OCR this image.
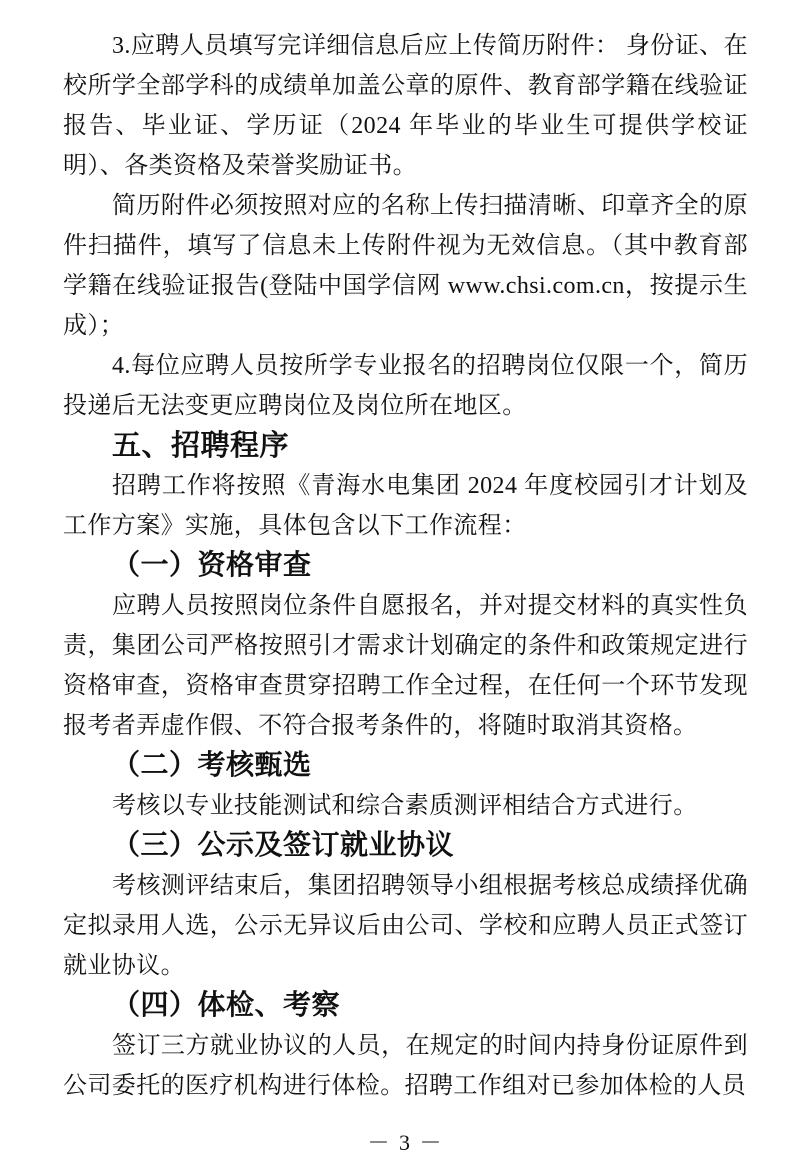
3.应聘人员填写完详细信息后应上传简历附件： 身份证、在校所学全部学科的成绩单加盖公章的原件、教育部学籍在线验证报告、毕业证、学历证（2024 年毕业的毕业生可提供学校证明）、各类资格及荣誉奖励证书。

简历附件必须按照对应的名称上传扫描清晰、印章齐全的原件扫描件，填写了信息未上传附件视为无效信息。（其中教育部学籍在线验证报告(登陆中国学信网 www.chsi.com.cn，按提示生成）；

4.每位应聘人员按所学专业报名的招聘岗位仅限一个，简历投递后无法变更应聘岗位及岗位所在地区。

五、招聘程序

招聘工作将按照《青海水电集团 2024 年度校园引才计划及工作方案》实施，具体包含以下工作流程：

（一）资格审查

应聘人员按照岗位条件自愿报名，并对提交材料的真实性负责，集团公司严格按照引才需求计划确定的条件和政策规定进行资格审查，资格审查贯穿招聘工作全过程，在任何一个环节发现报考者弄虚作假、不符合报考条件的，将随时取消其资格。

（二）考核甄选

考核以专业技能测试和综合素质测评相结合方式进行。

（三）公示及签订就业协议

考核测评结束后，集团招聘领导小组根据考核总成绩择优确定拟录用人选，公示无异议后由公司、学校和应聘人员正式签订就业协议。

（四）体检、考察

签订三方就业协议的人员，在规定的时间内持身份证原件到公司委托的医疗机构进行体检。招聘工作组对已参加体检的人员

－ 3 －
